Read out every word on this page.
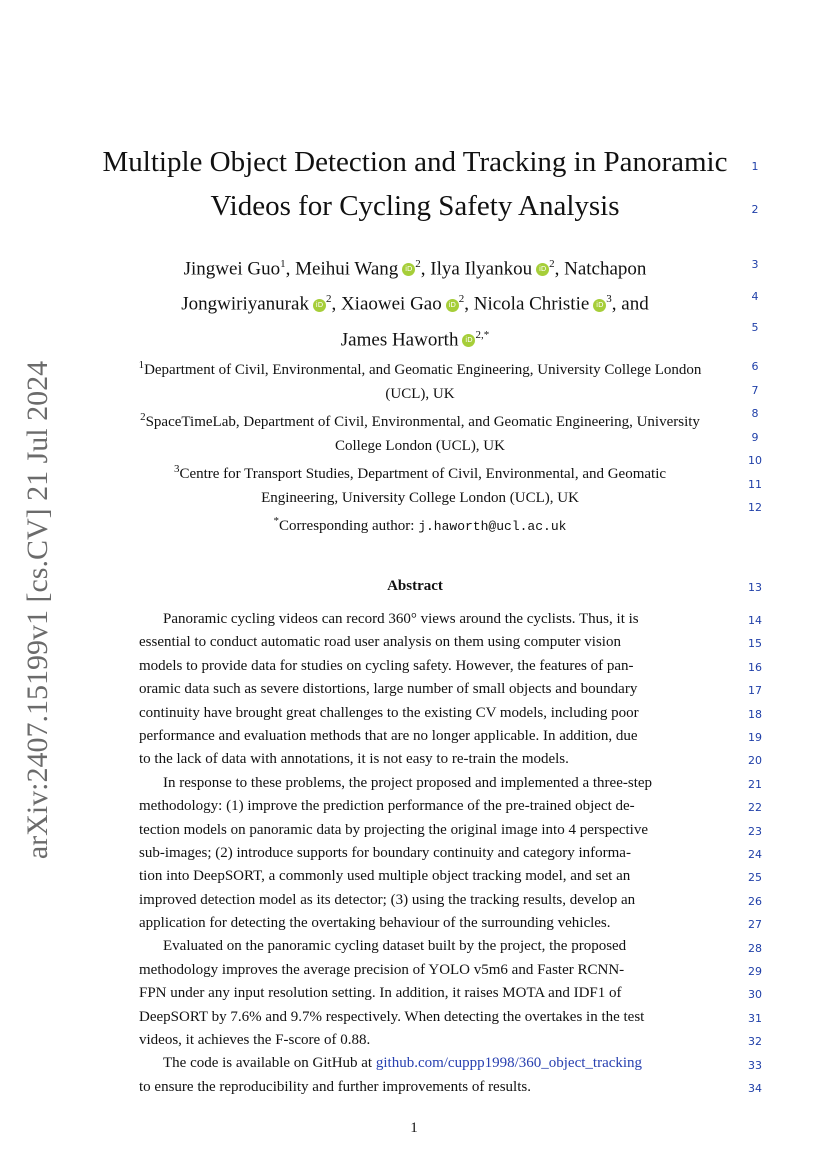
arXiv:2407.15199v1 [cs.CV] 21 Jul 2024
Multiple Object Detection and Tracking in Panoramic
Videos for Cycling Safety Analysis
Jingwei Guo$^1$, Meihui Wang iD $^2$, Ilya Ilyankou iD $^2$, Natchapon
Jongwiriyanurak iD $^2$, Xiaowei Gao iD $^2$, Nicola Christie iD $^3$, and
James Haworth iD $^{2,*}$
$^1$Department of Civil, Environmental, and Geomatic Engineering, University College London
(UCL), UK
$^2$SpaceTimeLab, Department of Civil, Environmental, and Geomatic Engineering, University
College London (UCL), UK
$^3$Centre for Transport Studies, Department of Civil, Environmental, and Geomatic
Engineering, University College London (UCL), UK
*Corresponding author: j.haworth@ucl.ac.uk
Abstract
Panoramic cycling videos can record 360° views around the cyclists. Thus, it is
essential to conduct automatic road user analysis on them using computer vision
models to provide data for studies on cycling safety. However, the features of pan-
oramic data such as severe distortions, large number of small objects and boundary
continuity have brought great challenges to the existing CV models, including poor
performance and evaluation methods that are no longer applicable. In addition, due
to the lack of data with annotations, it is not easy to re-train the models.
In response to these problems, the project proposed and implemented a three-step
methodology: (1) improve the prediction performance of the pre-trained object de-
tection models on panoramic data by projecting the original image into 4 perspective
sub-images; (2) introduce supports for boundary continuity and category informa-
tion into DeepSORT, a commonly used multiple object tracking model, and set an
improved detection model as its detector; (3) using the tracking results, develop an
application for detecting the overtaking behaviour of the surrounding vehicles.
Evaluated on the panoramic cycling dataset built by the project, the proposed
methodology improves the average precision of YOLO v5m6 and Faster RCNN-
FPN under any input resolution setting. In addition, it raises MOTA and IDF1 of
DeepSORT by 7.6% and 9.7% respectively. When detecting the overtakes in the test
videos, it achieves the F-score of 0.88.
The code is available on GitHub at github.com/cuppp1998/360_object_tracking
to ensure the reproducibility and further improvements of results.
1
2
3
4
5
6
7
8
9
10
11
12
13
14
15
16
17
18
19
20
21
22
23
24
25
26
27
28
29
30
31
32
33
34
1
